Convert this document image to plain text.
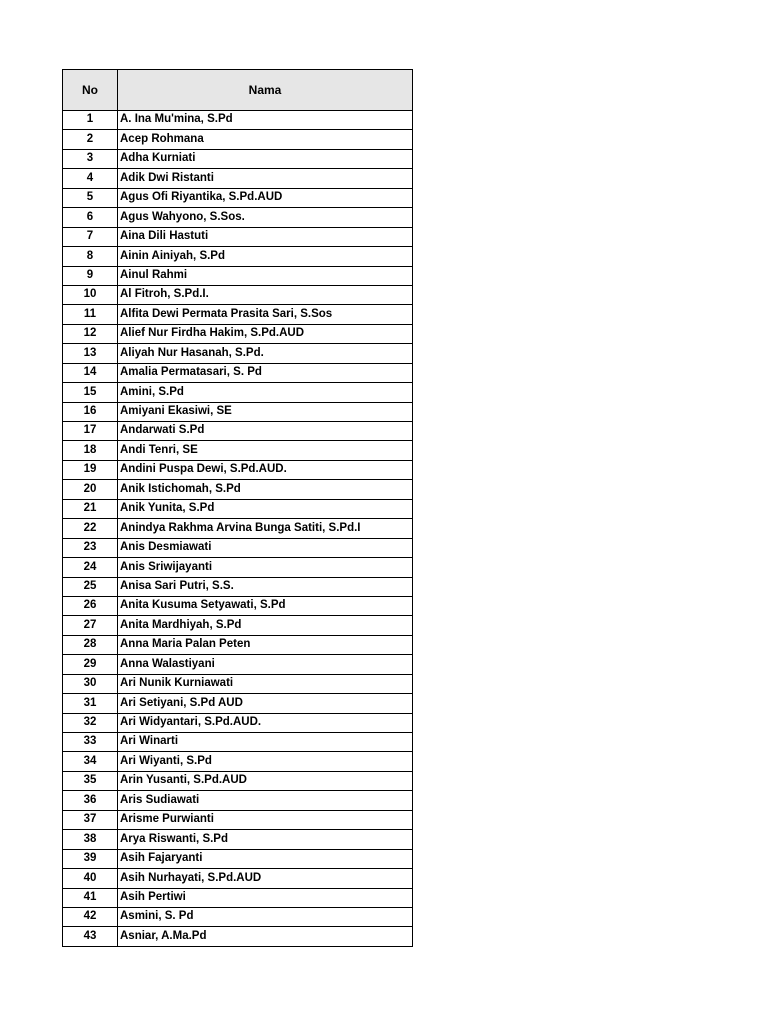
No	Nama
1	A. Ina Mu'mina, S.Pd
2	Acep Rohmana
3	Adha Kurniati
4	Adik Dwi Ristanti
5	Agus Ofi Riyantika, S.Pd.AUD
6	Agus Wahyono, S.Sos.
7	Aina Dili Hastuti
8	Ainin Ainiyah, S.Pd
9	Ainul Rahmi
10	Al Fitroh, S.Pd.I.
11	Alfita Dewi Permata Prasita Sari, S.Sos
12	Alief Nur Firdha Hakim, S.Pd.AUD
13	Aliyah Nur Hasanah, S.Pd.
14	Amalia Permatasari, S. Pd
15	Amini, S.Pd
16	Amiyani Ekasiwi, SE
17	Andarwati S.Pd
18	Andi Tenri, SE
19	Andini Puspa Dewi, S.Pd.AUD.
20	Anik Istichomah, S.Pd
21	Anik Yunita, S.Pd
22	Anindya Rakhma Arvina Bunga Satiti, S.Pd.I
23	Anis Desmiawati
24	Anis Sriwijayanti
25	Anisa Sari Putri, S.S.
26	Anita Kusuma Setyawati, S.Pd
27	Anita Mardhiyah, S.Pd
28	Anna Maria Palan Peten
29	Anna Walastiyani
30	Ari Nunik Kurniawati
31	Ari Setiyani, S.Pd AUD
32	Ari Widyantari, S.Pd.AUD.
33	Ari Winarti
34	Ari Wiyanti, S.Pd
35	Arin Yusanti, S.Pd.AUD
36	Aris Sudiawati
37	Arisme Purwianti
38	Arya Riswanti, S.Pd
39	Asih Fajaryanti
40	Asih Nurhayati, S.Pd.AUD
41	Asih Pertiwi
42	Asmini, S. Pd
43	Asniar, A.Ma.Pd
